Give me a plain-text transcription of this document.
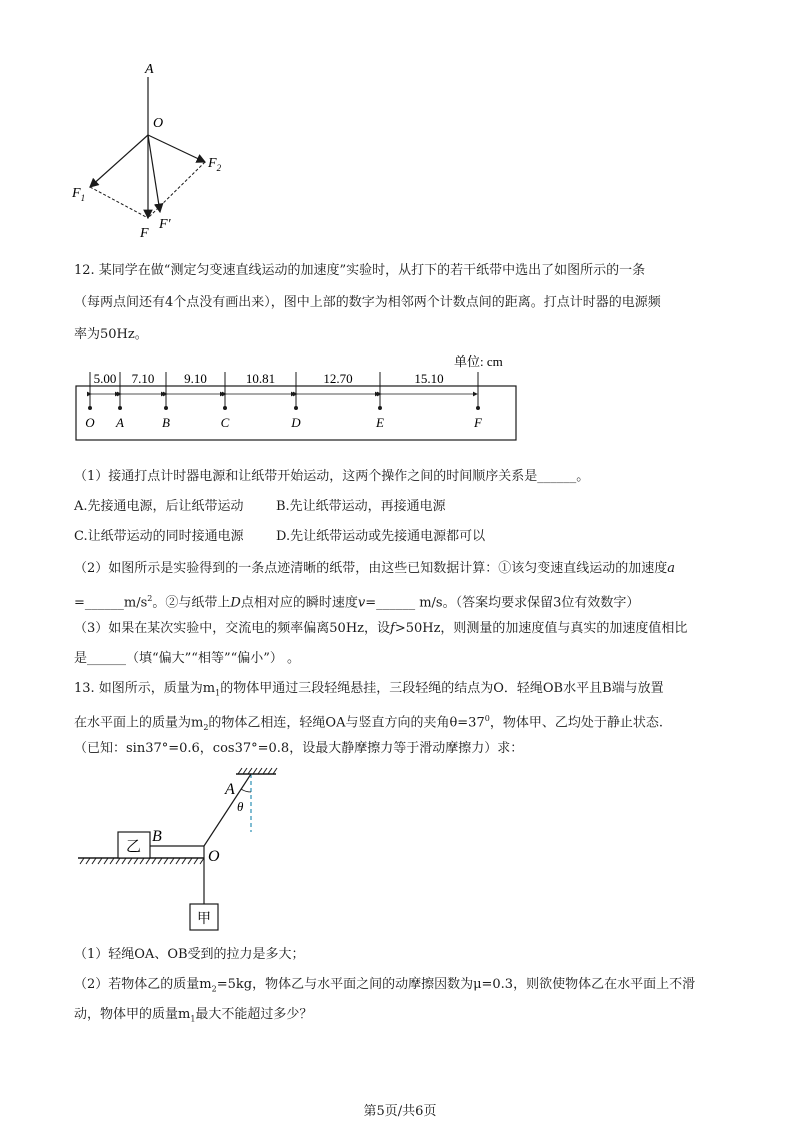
A
O
$F_1$
$F_2$
F
F′
12. 某同学在做“测定匀变速直线运动的加速度”实验时，从打下的若干纸带中选出了如图所示的一条
（每两点间还有4个点没有画出来），图中上部的数字为相邻两个计数点间的距离。打点计时器的电源频
率为50Hz。
单位: cm
5.00 7.10 9.10	10.81	12.70	15.10
O A	B	C	D	E	F
（1）接通打点计时器电源和让纸带开始运动，这两个操作之间的时间顺序关系是______。
A.先接通电源，后让纸带运动 B.先让纸带运动，再接通电源
C.让纸带运动的同时接通电源 D.先让纸带运动或先接通电源都可以
（2）如图所示是实验得到的一条点迹清晰的纸带，由这些已知数据计算：①该匀变速直线运动的加速度a
$=\_\_\_\_\_\_m/s^2$。②与纸带上D点相对应的瞬时速度v=______ m/s。（答案均要求保留3位有效数字）
（3）如果在某次实验中，交流电的频率偏离50Hz，设f>50Hz，则测量的加速度值与真实的加速度值相比
是______（填“偏大”“相等”“偏小”） 。
13. 如图所示，质量为$m_1$的物体甲通过三段轻绳悬挂，三段轻绳的结点为O．轻绳OB水平且B端与放置
在水平面上的质量为$m_2$的物体乙相连，轻绳OA与竖直方向的夹角$\theta=37^0$，物体甲、乙均处于静止状态.
（已知：sin37°=0.6，cos37°=0.8，设最大静摩擦力等于滑动摩擦力）求：
乙
甲
A
θ
B
O
（1）轻绳OA、OB受到的拉力是多大；
（2）若物体乙的质量$m_2=5kg$，物体乙与水平面之间的动摩擦因数为μ=0.3，则欲使物体乙在水平面上不滑
动，物体甲的质量$m_1$最大不能超过多少？
第5页/共6页
